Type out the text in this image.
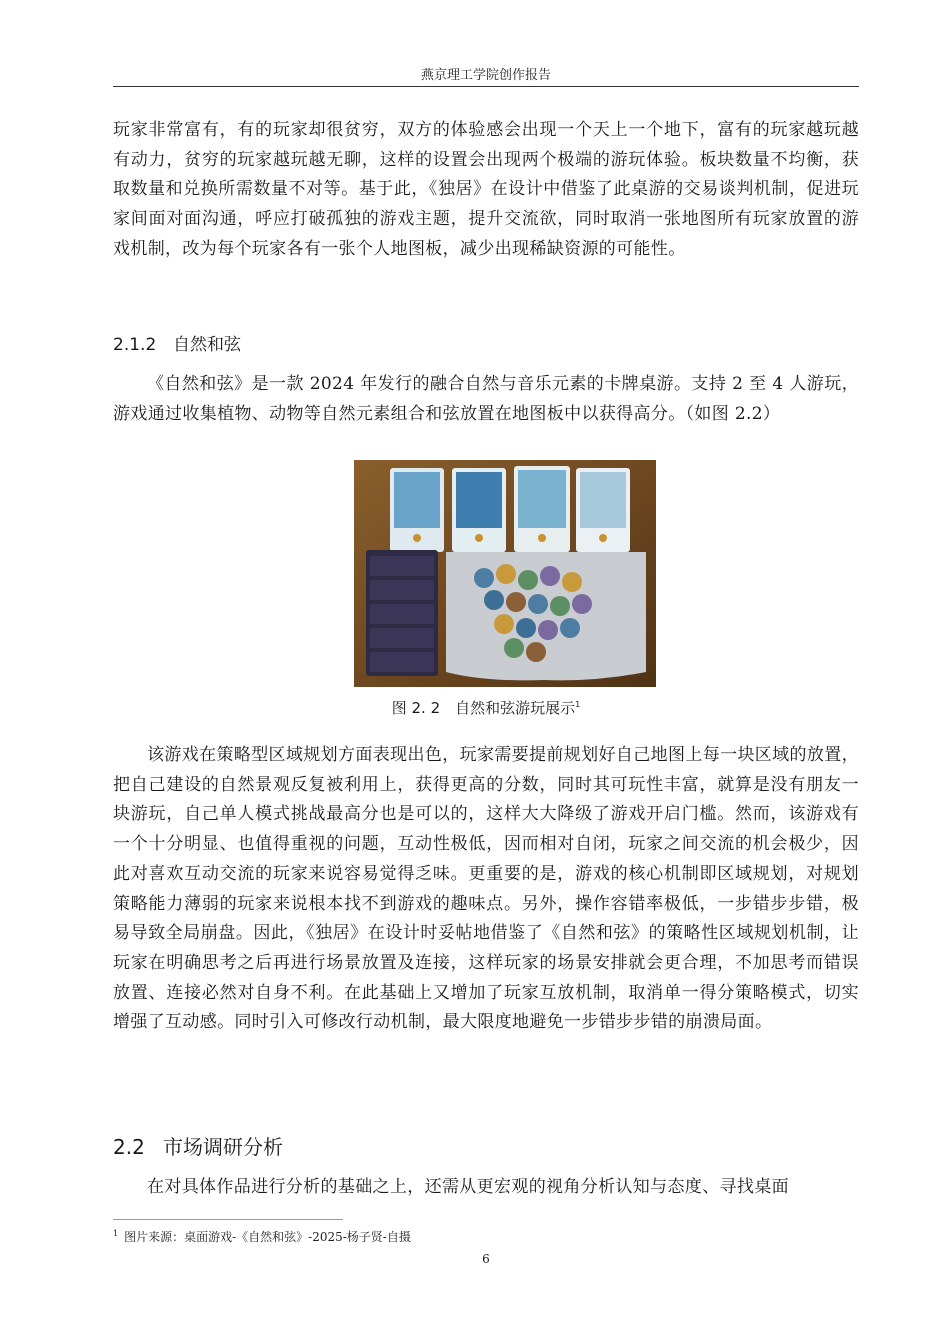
燕京理工学院创作报告

玩家非常富有，有的玩家却很贫穷，双方的体验感会出现一个天上一个地下，富有的玩家越玩越有动力，贫穷的玩家越玩越无聊，这样的设置会出现两个极端的游玩体验。板块数量不均衡，获取数量和兑换所需数量不对等。基于此，《独居》在设计中借鉴了此桌游的交易谈判机制，促进玩家间面对面沟通，呼应打破孤独的游戏主题，提升交流欲，同时取消一张地图所有玩家放置的游戏机制，改为每个玩家各有一张个人地图板，减少出现稀缺资源的可能性。

2.1.2 自然和弦

《自然和弦》是一款 2024 年发行的融合自然与音乐元素的卡牌桌游。支持 2 至 4 人游玩，游戏通过收集植物、动物等自然元素组合和弦放置在地图板中以获得高分。（如图 2.2）

图 2. 2　自然和弦游玩展示$^1$

该游戏在策略型区域规划方面表现出色，玩家需要提前规划好自己地图上每一块区域的放置，把自己建设的自然景观反复被利用上，获得更高的分数，同时其可玩性丰富，就算是没有朋友一块游玩，自己单人模式挑战最高分也是可以的，这样大大降级了游戏开启门槛。然而，该游戏有一个十分明显、也值得重视的问题，互动性极低，因而相对自闭，玩家之间交流的机会极少，因此对喜欢互动交流的玩家来说容易觉得乏味。更重要的是，游戏的核心机制即区域规划，对规划策略能力薄弱的玩家来说根本找不到游戏的趣味点。另外，操作容错率极低，一步错步步错，极易导致全局崩盘。因此，《独居》在设计时妥帖地借鉴了《自然和弦》的策略性区域规划机制，让玩家在明确思考之后再进行场景放置及连接，这样玩家的场景安排就会更合理，不加思考而错误放置、连接必然对自身不利。在此基础上又增加了玩家互放机制，取消单一得分策略模式，切实增强了互动感。同时引入可修改行动机制，最大限度地避免一步错步步错的崩溃局面。

2.2 市场调研分析

在对具体作品进行分析的基础之上，还需从更宏观的视角分析认知与态度、寻找桌面

$^1$ 图片来源：桌面游戏-《自然和弦》-2025-杨子贤-自摄
6
